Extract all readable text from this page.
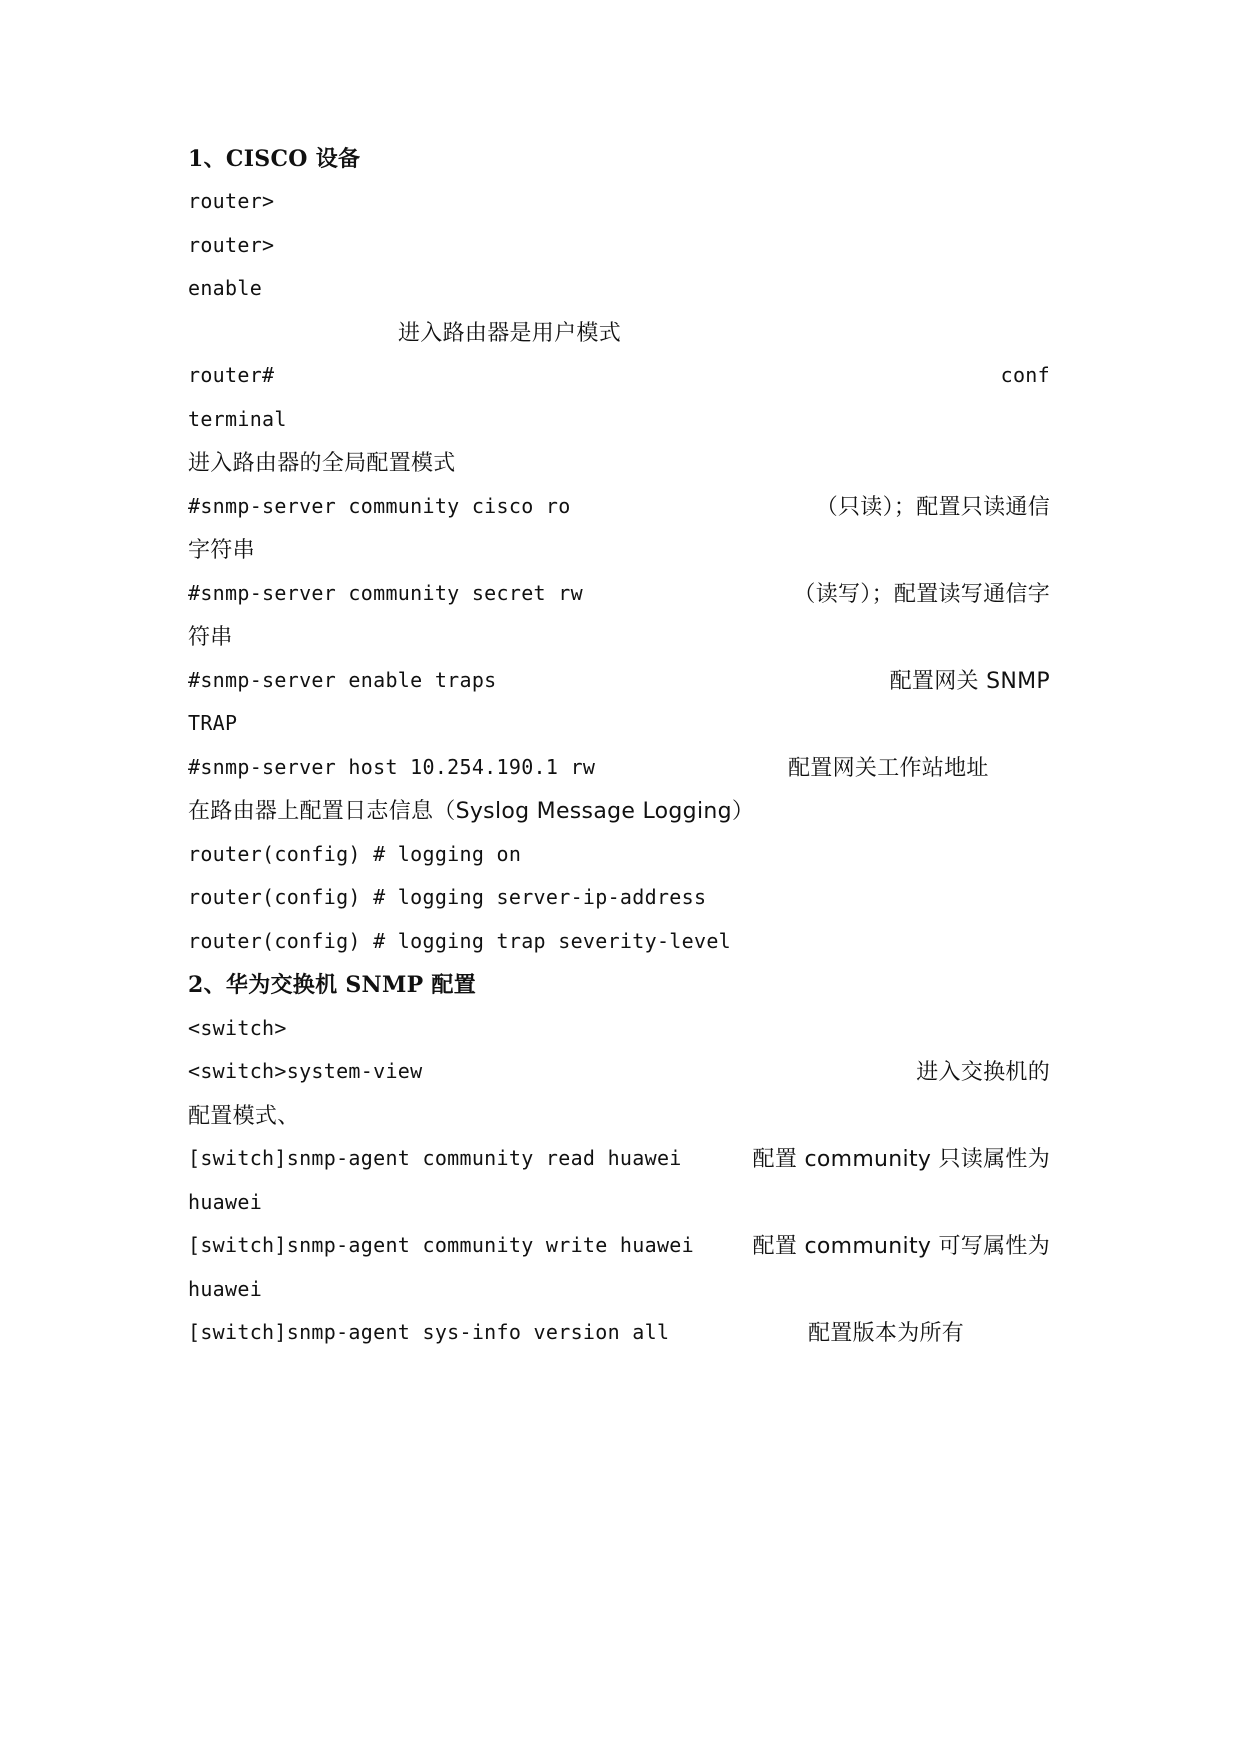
1、CISCO 设备
router>
router>
enable
进入路由器是用户模式
router#	conf
terminal
进入路由器的全局配置模式
#snmp-server community cisco ro	（只读）；配置只读通信
字符串
#snmp-server community secret rw	（读写）；配置读写通信字
符串
#snmp-server enable traps	配置网关 SNMP
TRAP
#snmp-server host 10.254.190.1 rw	配置网关工作站地址
在路由器上配置日志信息（Syslog Message Logging）
router(config) # logging on
router(config) # logging server-ip-address
router(config) # logging trap severity-level
2、华为交换机 SNMP 配置
<switch>
<switch>system-view	进入交换机的
配置模式、
[switch]snmp-agent community read huawei	配置 community 只读属性为
huawei
[switch]snmp-agent community write huawei	配置 community 可写属性为
huawei
[switch]snmp-agent sys-info version all	配置版本为所有
